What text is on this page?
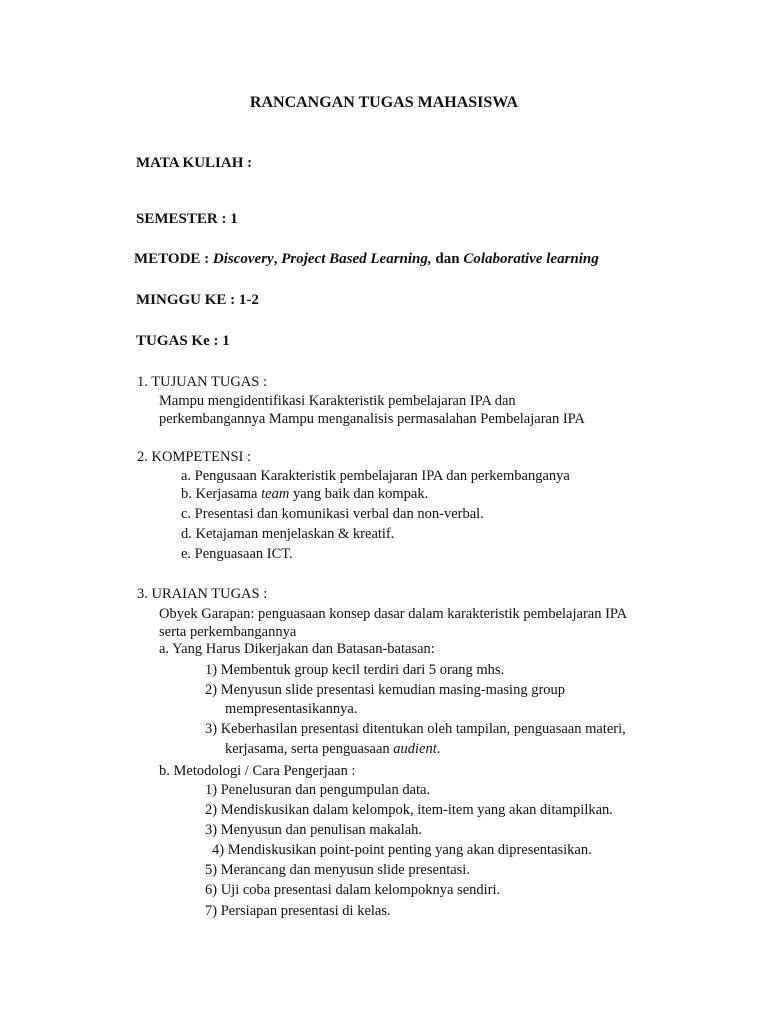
RANCANGAN TUGAS MAHASISWA
MATA KULIAH :
SEMESTER : 1
METODE : Discovery, Project Based Learning, dan Colaborative learning
MINGGU KE : 1-2
TUGAS Ke : 1
1. TUJUAN TUGAS :
Mampu mengidentifikasi Karakteristik pembelajaran IPA dan
perkembangannya Mampu menganalisis permasalahan Pembelajaran IPA
2. KOMPETENSI :
a. Pengusaan Karakteristik pembelajaran IPA dan perkembanganya
b. Kerjasama team yang baik dan kompak.
c. Presentasi dan komunikasi verbal dan non-verbal.
d. Ketajaman menjelaskan & kreatif.
e. Penguasaan ICT.
3. URAIAN TUGAS :
Obyek Garapan: penguasaan konsep dasar dalam karakteristik pembelajaran IPA
serta perkembangannya
a. Yang Harus Dikerjakan dan Batasan-batasan:
1) Membentuk group kecil terdiri dari 5 orang mhs.
2) Menyusun slide presentasi kemudian masing-masing group
mempresentasikannya.
3) Keberhasilan presentasi ditentukan oleh tampilan, penguasaan materi,
kerjasama, serta penguasaan audient.
b. Metodologi / Cara Pengerjaan :
1) Penelusuran dan pengumpulan data.
2) Mendiskusikan dalam kelompok, item-item yang akan ditampilkan.
3) Menyusun dan penulisan makalah.
4) Mendiskusikan point-point penting yang akan dipresentasikan.
5) Merancang dan menyusun slide presentasi.
6) Uji coba presentasi dalam kelompoknya sendiri.
7) Persiapan presentasi di kelas.
